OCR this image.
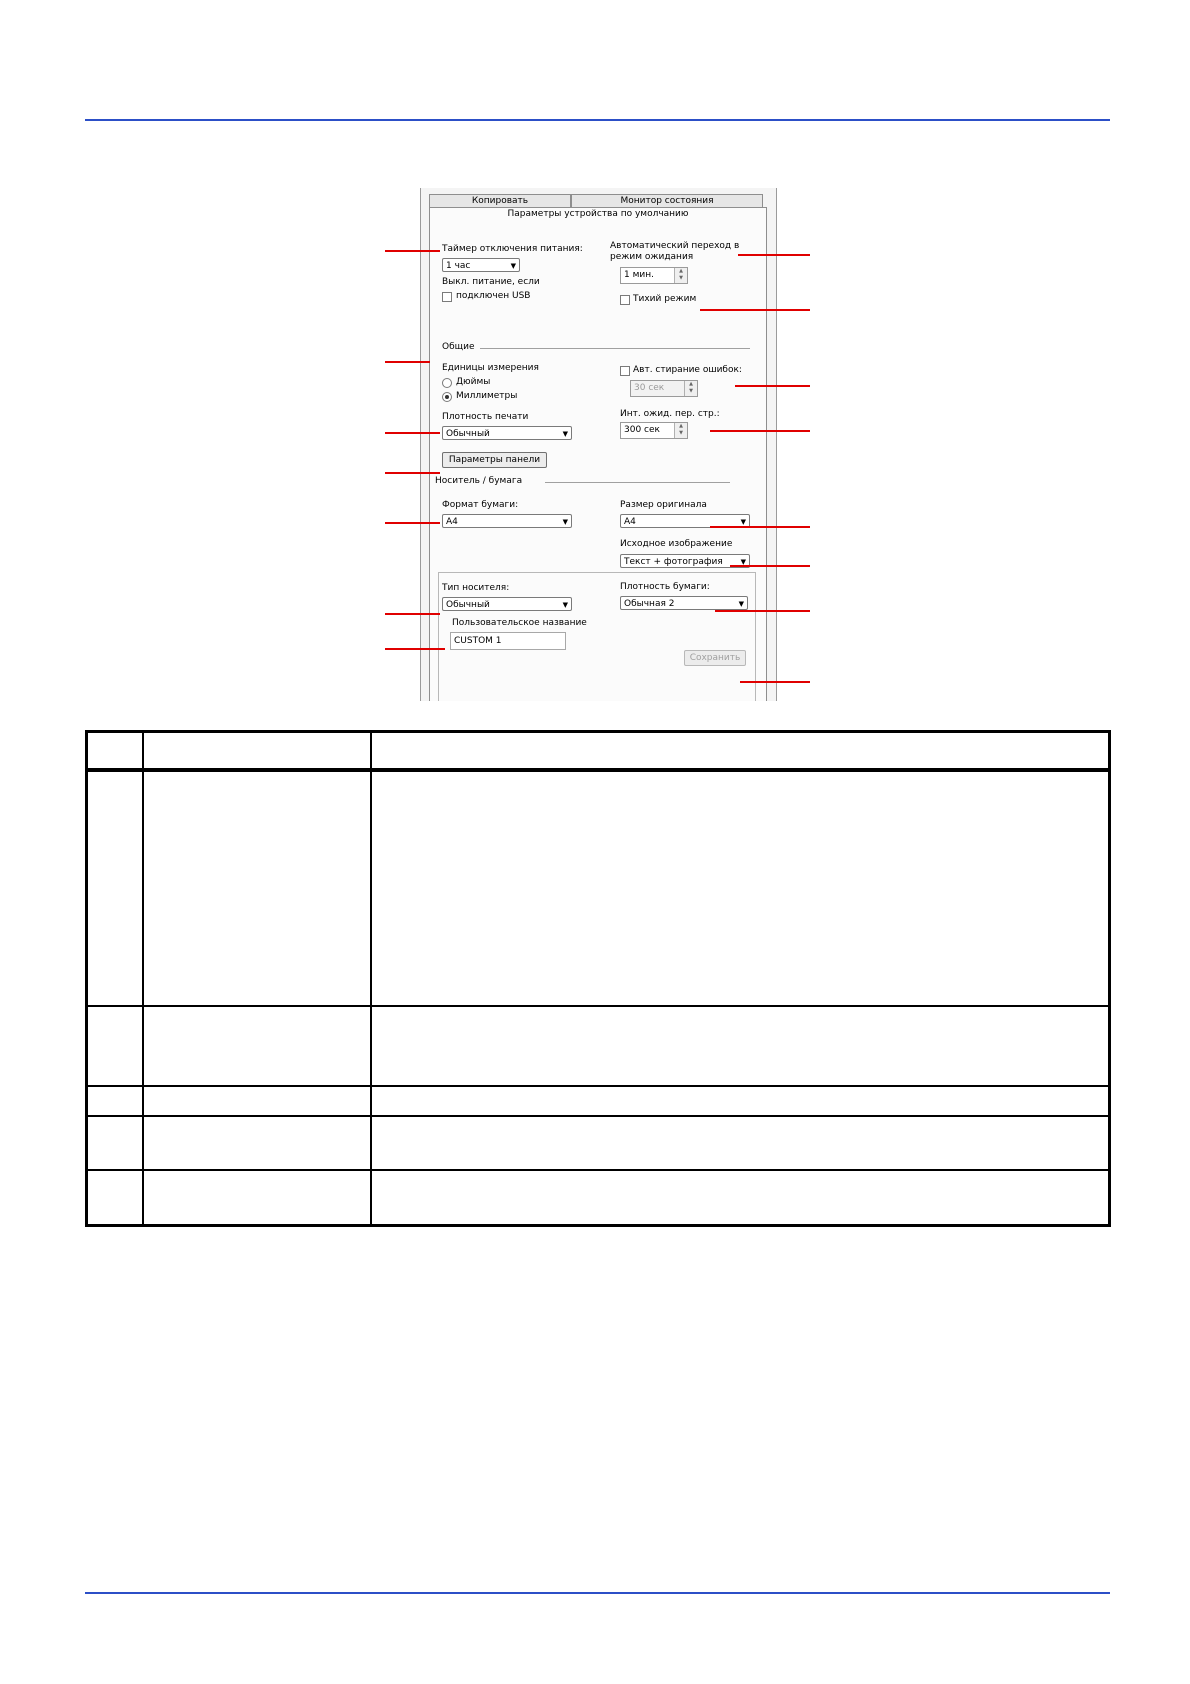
Копировать	Монитор состояния
Параметры устройства по умолчанию
Таймер отключения питания:
1 час	▼
Выкл. питание, если
подключен USB
Автоматический переход в
режим ожидания
1 мин.	▲
▼
Тихий режим
Общие
Единицы измерения
Дюймы
Миллиметры
Авт. стирание ошибок:
30 сек	▲
▼
Плотность печати
Обычный	▼
Инт. ожид. пер. стр.:
300 сек	▲
▼
Параметры панели
Носитель / бумага
Формат бумаги:
A4	▼
Размер оригинала
A4	▼
Исходное изображение
Текст + фотография	▼
Тип носителя:
Обычный	▼
Плотность бумаги:
Обычная 2	▼
Пользовательское название
CUSTOM 1
Сохранить
